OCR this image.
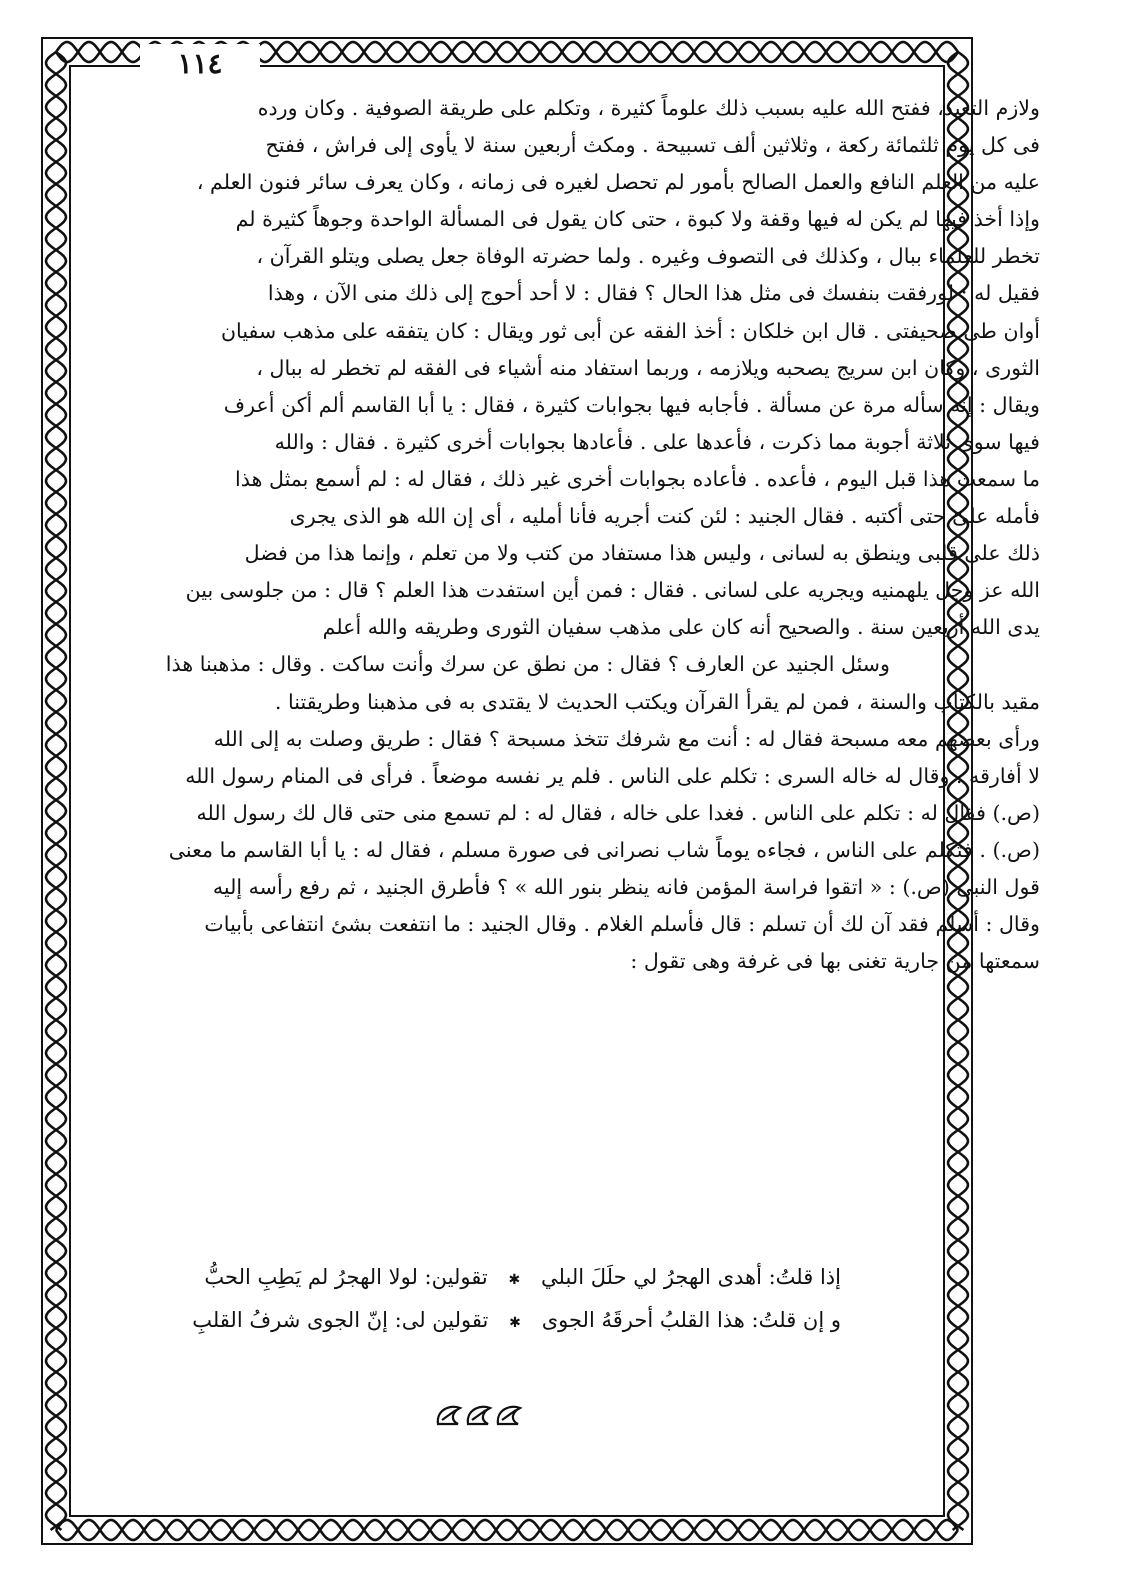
١١٤
ولازم التعبد، ففتح الله عليه بسبب ذلك علوماً كثيرة ، وتكلم على طريقة الصوفية . وكان ورده
فى كل يوم ثلثمائة ركعة ، وثلاثين ألف تسبيحة . ومكث أربعين سنة لا يأوى إلى فراش ، ففتح
عليه من العلم النافع والعمل الصالح بأمور لم تحصل لغيره فى زمانه ، وكان يعرف سائر فنون العلم ،
وإذا أخذ فيها لم يكن له فيها وقفة ولا كبوة ، حتى كان يقول فى المسألة الواحدة وجوهاً كثيرة لم
تخطر للعلماء ببال ، وكذلك فى التصوف وغيره . ولما حضرته الوفاة جعل يصلى ويتلو القرآن ،
فقيل له : لورفقت بنفسك فى مثل هذا الحال ؟ فقال : لا أحد أحوج إلى ذلك منى الآن ، وهذا
أوان طى صحيفتى . قال ابن خلكان : أخذ الفقه عن أبى ثور ويقال : كان يتفقه على مذهب سفيان
الثورى ، وكان ابن سريج يصحبه ويلازمه ، وربما استفاد منه أشياء فى الفقه لم تخطر له ببال ،
ويقال : إنه سأله مرة عن مسألة . فأجابه فيها بجوابات كثيرة ، فقال : يا أبا القاسم ألم أكن أعرف
فيها سوى ثلاثة أجوبة مما ذكرت ، فأعدها على . فأعادها بجوابات أخرى كثيرة . فقال : والله
ما سمعت هذا قبل اليوم ، فأعده . فأعاده بجوابات أخرى غير ذلك ، فقال له : لم أسمع بمثل هذا
فأمله علىّ حتى أكتبه . فقال الجنيد : لئن كنت أجريه فأنا أمليه ، أى إن الله هو الذى يجرى
ذلك على قلبى وينطق به لسانى ، وليس هذا مستفاد من كتب ولا من تعلم ، وإنما هذا من فضل
الله عز وجل يلهمنيه ويجريه على لسانى . فقال : فمن أين استفدت هذا العلم ؟ قال : من جلوسى بين
يدى الله أربعين سنة . والصحيح أنه كان على مذهب سفيان الثورى وطريقه والله أعلم
وسئل الجنيد عن العارف ؟ فقال : من نطق عن سرك وأنت ساكت . وقال : مذهبنا هذا
مقيد بالكتاب والسنة ، فمن لم يقرأ القرآن ويكتب الحديث لا يقتدى به فى مذهبنا وطريقتنا .
ورأى بعضهم معه مسبحة فقال له : أنت مع شرفك تتخذ مسبحة ؟ فقال : طريق وصلت به إلى الله
لا أفارقه . وقال له خاله السرى : تكلم على الناس . فلم ير نفسه موضعاً . فرأى فى المنام رسول الله
(ص.) فقال له : تكلم على الناس . فغدا على خاله ، فقال له : لم تسمع منى حتى قال لك رسول الله
(ص.) . فتكلم على الناس ، فجاءه يوماً شاب نصرانى فى صورة مسلم ، فقال له : يا أبا القاسم ما معنى
قول النبى (ص.) : « اتقوا فراسة المؤمن فانه ينظر بنور الله » ؟ فأطرق الجنيد ، ثم رفع رأسه إليه
وقال : أسلم فقد آن لك أن تسلم : قال فأسلم الغلام . وقال الجنيد : ما انتفعت بشئ انتفاعى بأبيات
سمعتها من جارية تغنى بها فى غرفة وهى تقول :
إذا قلتُ: أهدى الهجرُ لي حلَلَ البلي ✱ تقولين: لولا الهجرُ لم يَطِبِ الحبُّ
و إن قلتُ: هذا القلبُ أحرقَهُ الجوى ✱ تقولين لى: إنّ الجوى شرفُ القلبِ
